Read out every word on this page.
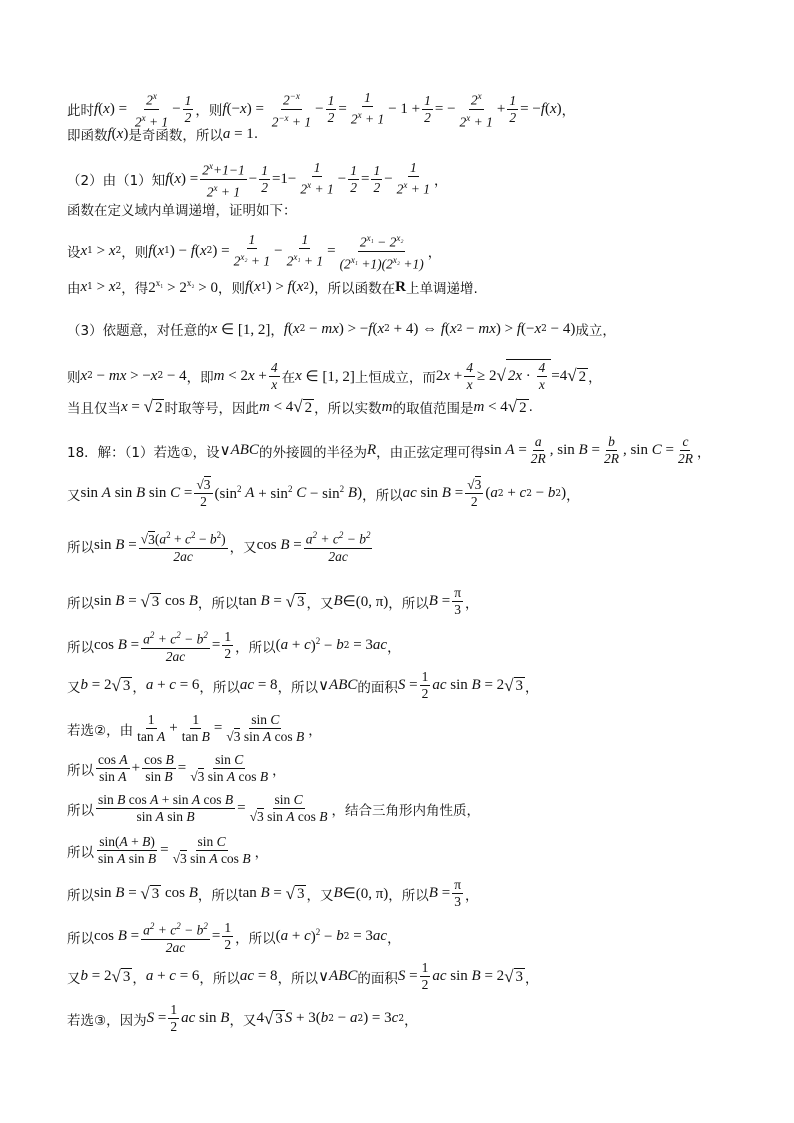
此时 f ( x ) = $\frac{2^x}{2^x + 1} - \frac{1}{2}$ ，则 f (− x ) = $\frac{2^{-x}}{2^{-x} + 1} - \frac{1}{2} = \frac{1}{2^x + 1} - 1 + \frac{1}{2}$ = − $\frac{2^x}{2^x + 1} + \frac{1}{2}$ = − f ( x ) ，
即函数 f ( x ) 是奇函数，所以 a = 1 .
（2）由（1）知 f ( x ) = $\frac{2^x+1-1}{2^x + 1} - \frac{1}{2} =1- \frac{1}{2^x + 1} - \frac{1}{2} = \frac{1}{2} - \frac{1}{2^x + 1}$ ，
函数在定义域内单调递增，证明如下：
设 x 1 > x 2 ，则 f ( x 1 ) − f ( x 2 ) = $\frac{1}{2^{x_2} + 1} - \frac{1}{2^{x_1} + 1} = \frac{2^{x_1} - 2^{x_2}}{(2^{x_1} +1)(2^{x_2} +1)}$ ，
由 x 1 > x 2 ，得 $2^{x_1} > 2^{x_2} > 0$ ，则 f ( x 1 ) > f ( x 2 ) ，所以函数在 R 上单调递增.
（3）依题意，对任意的 x ∈ [1, 2] ， f ( x 2 − mx ) > − f ( x 2 + 4) ⇔ f ( x 2 − mx ) > f (− x 2 − 4) 成立，
则 x 2 − mx > − x 2 − 4 ，即 m < 2 $x + \frac{4}{x}$ 在 x ∈ [1, 2] 上恒成立，而 2 $x + \frac{4}{x} \ge 2$ √ $2x \cdot \frac{4}{x} =4$ √ 2 ，
当且仅当 x = √ 2 时取等号，因此 m < 4 √ 2 ，所以实数 m 的取值范围是 m < 4 √ 2 .
18．解：（1）若选①，设 ∨ ABC 的外接圆的半径为 R ，由正弦定理可得 $\sin A = \frac{a}{2R}$ , $\sin B = \frac{b}{2R}$ , $\sin C = \frac{c}{2R}$ ，
又 sin A sin B $\sin C = \frac{√3}{2} (\sin^2$ $A + \sin^2 C - \sin^2 B$ ) ，所以 ac $\sin B = \frac{√3}{2}$ ( a 2 + c 2 − b 2 ) ，
所以 $\sin B = \frac{√3(a^2 + c^2 - b^2)}{2ac}$ ，又 $\cos B = \frac{a^2 + c^2 - b^2}{2ac}$
所以 sin B = √ 3 cos B ，所以 tan B = √ 3 ，又 B ∈(0, π) ，所以 $B = \frac{\pi}{3}$ ，
所以 $\cos B = \frac{a^2 + c^2 - b^2}{2ac} = \frac{1}{2}$ ，所以 ( a + c )$^2$ − b 2 = 3 ac ，
又 b = 2 √ 3 ， a + c = 6 ，所以 ac = 8 ，所以 ∨ ABC 的面积 $S = \frac{1}{2}$ ac sin B = 2 √ 3 ，
若选②，由 $\frac{1}{\text{tan A}} + \frac{1}{\text{tan B}} = \frac{\text{sin C}}{\text{√3 sin A cos B}}$ ，
所以 $\frac{\text{cos A}}{\text{sin A}} + \frac{\text{cos B}}{\text{sin B}} = \frac{\text{sin C}}{\text{√3 sin A cos B}}$ ，
所以 $\frac{\text{sin B cos A + sin A cos B}}{\text{sin A sin B}} = \frac{\text{sin C}}{\text{√3 sin A cos B}}$ ，结合三角形内角性质，
所以 $\frac{\sin(A + B)}{\text{sin A sin B}} = \frac{\text{sin C}}{\text{√3 sin A cos B}}$ ，
所以 sin B = √ 3 cos B ，所以 tan B = √ 3 ，又 B ∈(0, π) ，所以 $B = \frac{\pi}{3}$ ，
所以 $\cos B = \frac{a^2 + c^2 - b^2}{2ac} = \frac{1}{2}$ ，所以 ( a + c )$^2$ − b 2 = 3 ac ，
又 b = 2 √ 3 ， a + c = 6 ，所以 ac = 8 ，所以 ∨ ABC 的面积 $S = \frac{1}{2}$ ac sin B = 2 √ 3 ，
若选③，因为 $S = \frac{1}{2}$ ac sin B ，又 4 √ 3 S + 3( b 2 − a 2 ) = 3 c 2 ，
